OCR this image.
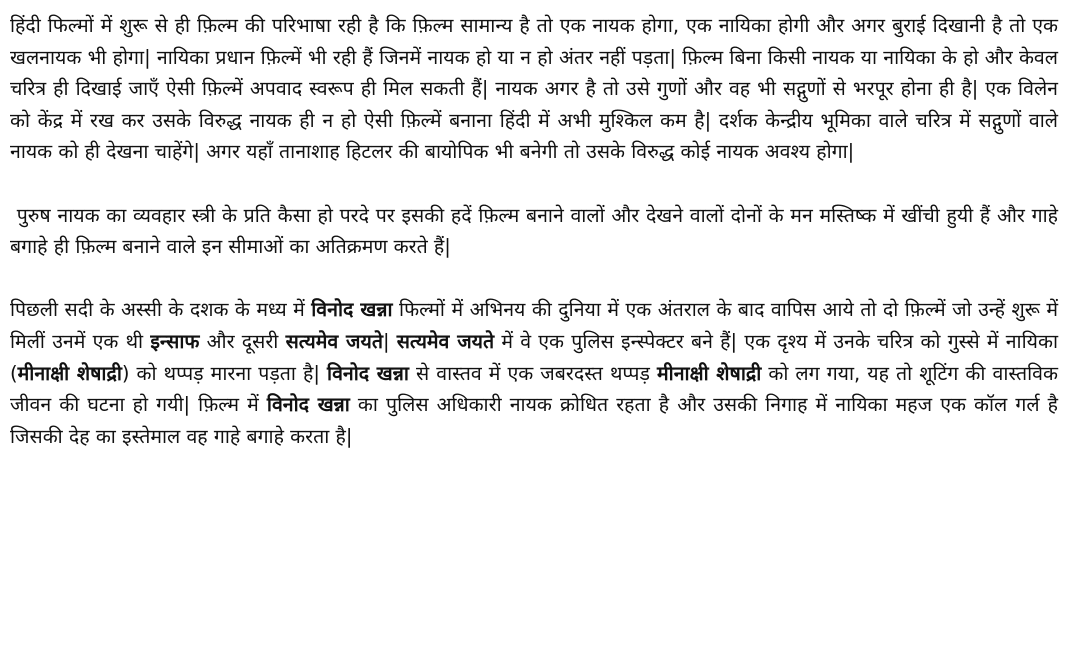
हिंदी फिल्मों में शुरू से ही फ़िल्म की परिभाषा रही है कि फ़िल्म सामान्य है तो एक नायक होगा, एक नायिका होगी और अगर बुराई दिखानी है तो एक खलनायक भी होगा| नायिका प्रधान फ़िल्में भी रही हैं जिनमें नायक हो या न हो अंतर नहीं पड़ता| फ़िल्म बिना किसी नायक या नायिका के हो और केवल चरित्र ही दिखाई जाएँ ऐसी फ़िल्में अपवाद स्वरूप ही मिल सकती हैं| नायक अगर है तो उसे गुणों और वह भी सद्गुणों से भरपूर होना ही है| एक विलेन को केंद्र में रख कर उसके विरुद्ध नायक ही न हो ऐसी फ़िल्में बनाना हिंदी में अभी मुश्किल कम है| दर्शक केन्द्रीय भूमिका वाले चरित्र में सद्गुणों वाले नायक को ही देखना चाहेंगे| अगर यहाँ तानाशाह हिटलर की बायोपिक भी बनेगी तो उसके विरुद्ध कोई नायक अवश्य होगा|

पुरुष नायक का व्यवहार स्त्री के प्रति कैसा हो परदे पर इसकी हदें फ़िल्म बनाने वालों और देखने वालों दोनों के मन मस्तिष्क में खींची हुयी हैं और गाहे बगाहे ही फ़िल्म बनाने वाले इन सीमाओं का अतिक्रमण करते हैं|

पिछली सदी के अस्सी के दशक के मध्य में विनोद खन्ना फिल्मों में अभिनय की दुनिया में एक अंतराल के बाद वापिस आये तो दो फ़िल्में जो उन्हें शुरू में मिलीं उनमें एक थी इन्साफ और दूसरी सत्यमेव जयते| सत्यमेव जयते में वे एक पुलिस इन्स्पेक्टर बने हैं| एक दृश्य में उनके चरित्र को गुस्से में नायिका (मीनाक्षी शेषाद्री) को थप्पड़ मारना पड़ता है| विनोद खन्ना से वास्तव में एक जबरदस्त थप्पड़ मीनाक्षी शेषाद्री को लग गया, यह तो शूटिंग की वास्तविक जीवन की घटना हो गयी| फ़िल्म में विनोद खन्ना का पुलिस अधिकारी नायक क्रोधित रहता है और उसकी निगाह में नायिका महज एक कॉल गर्ल है जिसकी देह का इस्तेमाल वह गाहे बगाहे करता है|
